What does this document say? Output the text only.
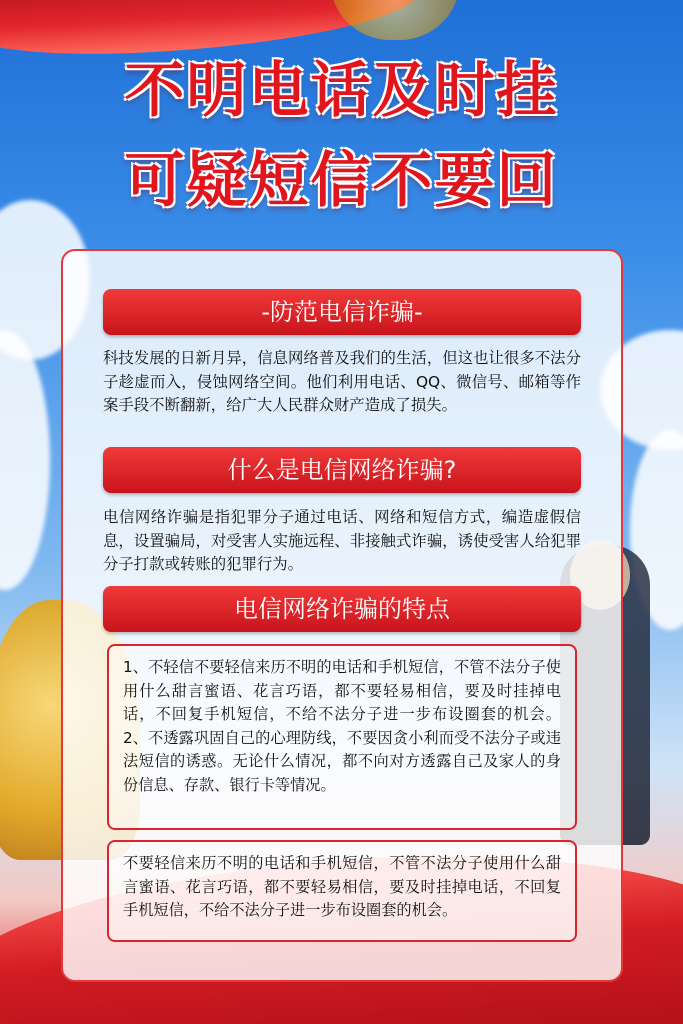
不明电话及时挂
可疑短信不要回
-防范电信诈骗-
科技发展的日新月异，信息网络普及我们的生活，但这也让很多不法分子趁虚而入，侵蚀网络空间。他们利用电话、QQ、微信号、邮箱等作案手段不断翻新，给广大人民群众财产造成了损失。
什么是电信网络诈骗?
电信网络诈骗是指犯罪分子通过电话、网络和短信方式，编造虚假信息，设置骗局，对受害人实施远程、非接触式诈骗，诱使受害人给犯罪分子打款或转账的犯罪行为。
电信网络诈骗的特点
1、不轻信不要轻信来历不明的电话和手机短信，不管不法分子使用什么甜言蜜语、花言巧语，都不要轻易相信，要及时挂掉电话，不回复手机短信，不给不法分子进一步布设圈套的机会。 2、不透露巩固自己的心理防线，不要因贪小利而受不法分子或违法短信的诱惑。无论什么情况，都不向对方透露自己及家人的身份信息、存款、银行卡等情况。
不要轻信来历不明的电话和手机短信，不管不法分子使用什么甜言蜜语、花言巧语，都不要轻易相信，要及时挂掉电话，不回复手机短信，不给不法分子进一步布设圈套的机会。
